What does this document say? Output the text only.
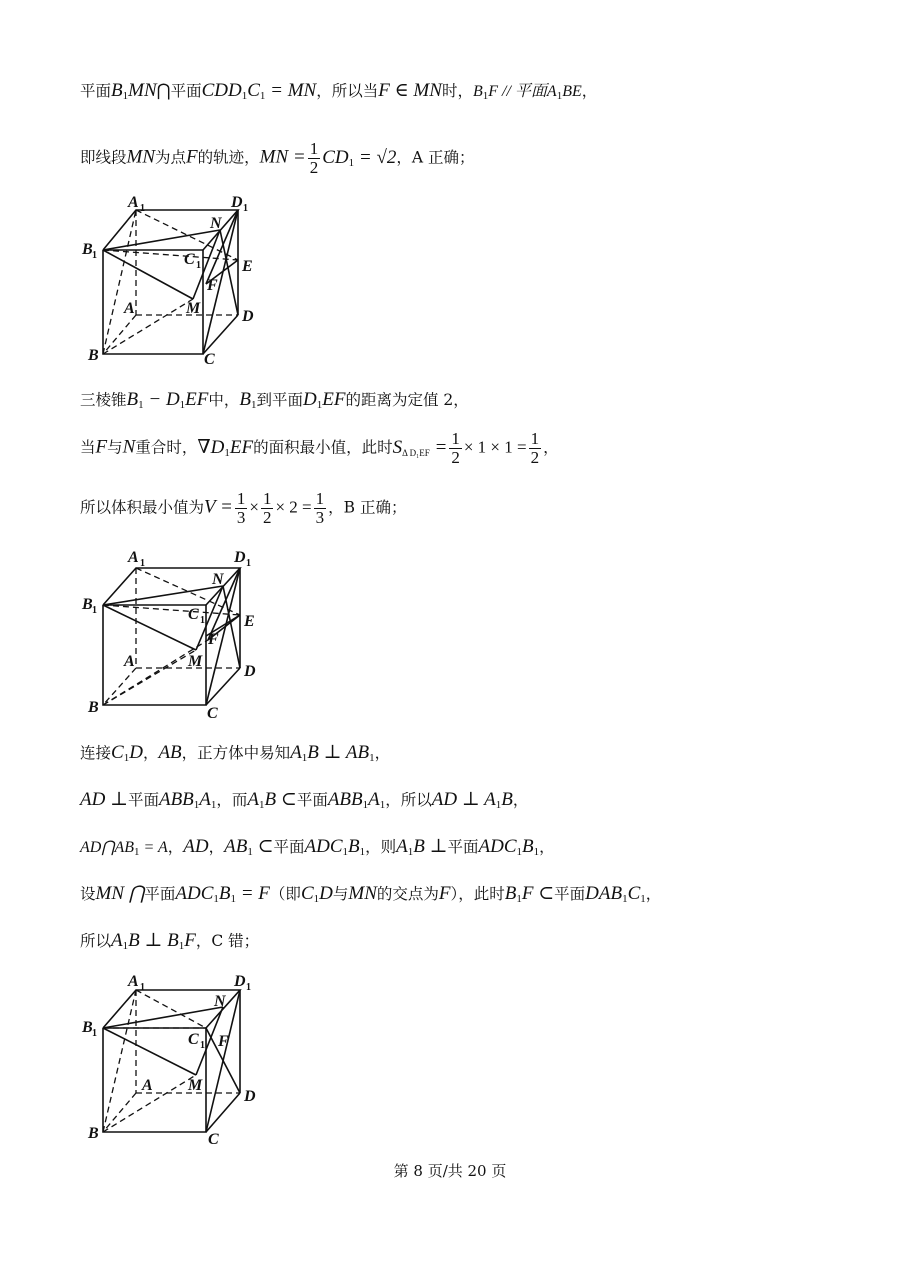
平面$B_1MN⋂$平面$CDD_1C_1$ = MN，所以当F ∈ MN时，$B_1F$ // 平面$A_1BE$，
即线段MN为点F的轨迹，MN = $\frac{1}{2} CD_1 = √2$，A 正确；
A 1	D 1
B 1	C 1
N
E
F
A	M	D
B	C
三棱锥$B_1 - D_1EF$中，$B_1$到平面$D_1EF$的距离为定值 2，
当F与N重合时，$\nabla D_1EF$的面积最小值，此时$S_{\Delta D_1EF} = \frac{1}{2} \times 1 \times 1 = \frac{1}{2}$ ，
所以体积最小值为$V = \frac{1}{3} \times \frac{1}{2} \times 2 = \frac{1}{3}$ ，B 正确；
A 1	D 1
B 1	C 1
N
E
F
A	M
D
B	C
连接$C_1D$，AB，正方体中易知$A_1B$ ⊥ $AB_1$，
AD ⊥平面$ABB_1A_1$，而$A_1B$ ⊂平面$ABB_1A_1$，所以AD ⊥ $A_1B$，
$AD⋂AB_1 = A$，AD，$AB_1$ ⊂平面$ADC_1B_1$，则$A_1B$ ⊥平面$ADC_1B_1$，
设MN ⋂平面$ADC_1B_1 = F$（即$C_1D$与MN的交点为F），此时$B_1F$ ⊂平面$DAB_1C_1$，
所以$A_1B$ ⊥ $B_1F$，C 错；
A 1	D 1
B 1	C 1
N
F
A M
D
B	C
第 8 页/共 20 页
